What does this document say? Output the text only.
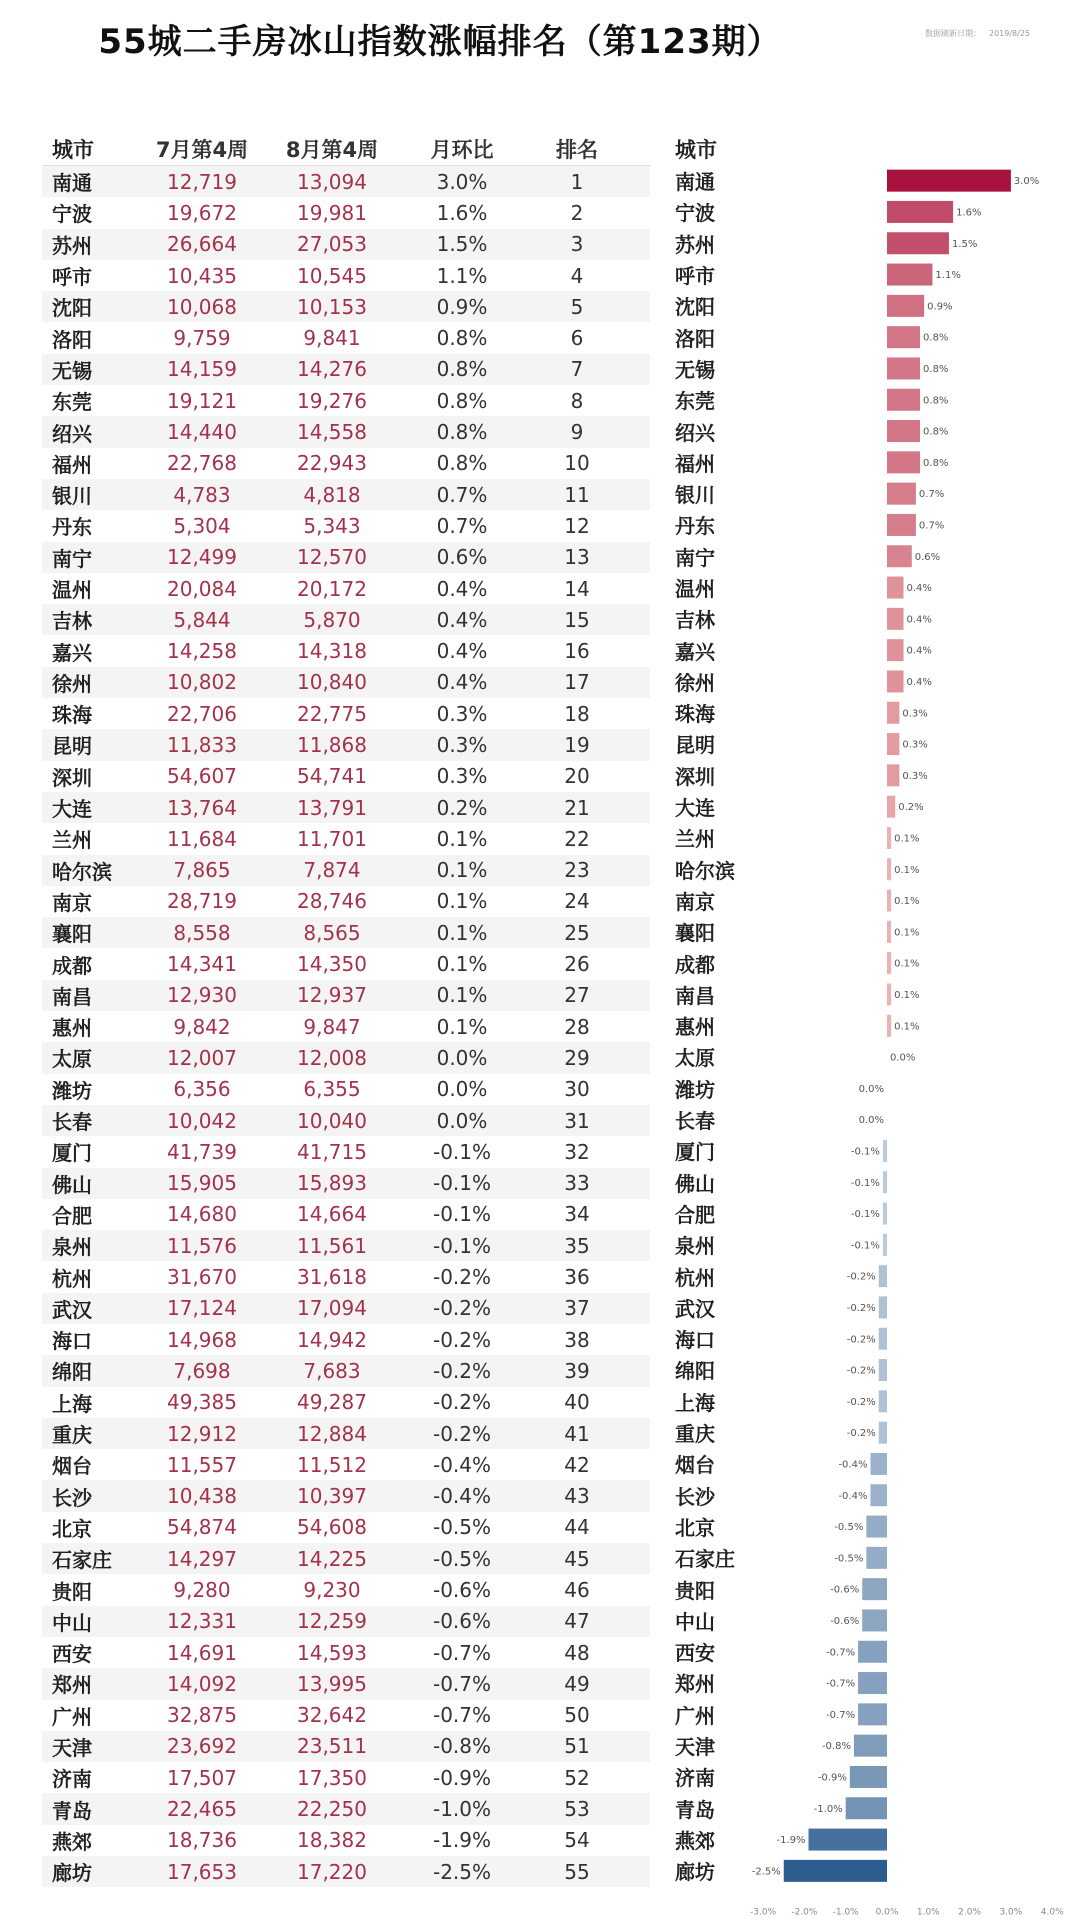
55城二手房冰山指数涨幅排名（第123期）	数据刷新日期： 2019/8/25
城市	7月第4周	8月第4周	月环比	排名
南通	12,719	13,094	3.0%	1
宁波	19,672	19,981	1.6%	2
苏州	26,664	27,053	1.5%	3
呼市	10,435	10,545	1.1%	4
沈阳	10,068	10,153	0.9%	5
洛阳	9,759	9,841	0.8%	6
无锡	14,159	14,276	0.8%	7
东莞	19,121	19,276	0.8%	8
绍兴	14,440	14,558	0.8%	9
福州	22,768	22,943	0.8%	10
银川	4,783	4,818	0.7%	11
丹东	5,304	5,343	0.7%	12
南宁	12,499	12,570	0.6%	13
温州	20,084	20,172	0.4%	14
吉林	5,844	5,870	0.4%	15
嘉兴	14,258	14,318	0.4%	16
徐州	10,802	10,840	0.4%	17
珠海	22,706	22,775	0.3%	18
昆明	11,833	11,868	0.3%	19
深圳	54,607	54,741	0.3%	20
大连	13,764	13,791	0.2%	21
兰州	11,684	11,701	0.1%	22
哈尔滨	7,865	7,874	0.1%	23
南京	28,719	28,746	0.1%	24
襄阳	8,558	8,565	0.1%	25
成都	14,341	14,350	0.1%	26
南昌	12,930	12,937	0.1%	27
惠州	9,842	9,847	0.1%	28
太原	12,007	12,008	0.0%	29
潍坊	6,356	6,355	0.0%	30
长春	10,042	10,040	0.0%	31
厦门	41,739	41,715	-0.1%	32
佛山	15,905	15,893	-0.1%	33
合肥	14,680	14,664	-0.1%	34
泉州	11,576	11,561	-0.1%	35
杭州	31,670	31,618	-0.2%	36
武汉	17,124	17,094	-0.2%	37
海口	14,968	14,942	-0.2%	38
绵阳	7,698	7,683	-0.2%	39
上海	49,385	49,287	-0.2%	40
重庆	12,912	12,884	-0.2%	41
烟台	11,557	11,512	-0.4%	42
长沙	10,438	10,397	-0.4%	43
北京	54,874	54,608	-0.5%	44
石家庄	14,297	14,225	-0.5%	45
贵阳	9,280	9,230	-0.6%	46
中山	12,331	12,259	-0.6%	47
西安	14,691	14,593	-0.7%	48
郑州	14,092	13,995	-0.7%	49
广州	32,875	32,642	-0.7%	50
天津	23,692	23,511	-0.8%	51
济南	17,507	17,350	-0.9%	52
青岛	22,465	22,250	-1.0%	53
燕郊	18,736	18,382	-1.9%	54
廊坊	17,653	17,220	-2.5%	55
城市
南通
宁波
苏州
呼市
沈阳
洛阳
无锡
东莞
绍兴
福州
银川
丹东
南宁
温州
吉林
嘉兴
徐州
珠海
昆明
深圳
大连
兰州
哈尔滨
南京
襄阳
成都
南昌
惠州
太原
潍坊
长春
厦门
佛山
合肥
泉州
杭州
武汉
海口
绵阳
上海
重庆
烟台
长沙
北京
石家庄
贵阳
中山
西安
郑州
广州
天津
济南
青岛
燕郊
廊坊
3.0%
1.6%
1.5%
1.1%
0.9%
0.8%
0.8%
0.8%
0.8%
0.8%
0.7%
0.7%
0.6%
0.4%
0.4%
0.4%
0.4%
0.3%
0.3%
0.3%
0.2%
0.1%
0.1%
0.1%
0.1%
0.1%
0.1%
0.1%
0.0%
0.0%
0.0%
-0.1%
-0.1%
-0.1%
-0.1%
-0.2%
-0.2%
-0.2%
-0.2%
-0.2%
-0.2%
-0.4%
-0.4%
-0.5%
-0.5%
-0.6%
-0.6%
-0.7%
-0.7%
-0.7%
-0.8%
-0.9%
-1.0%
-1.9%
-2.5%
-3.0% -2.0% -1.0% 0.0% 1.0% 2.0% 3.0% 4.0%
